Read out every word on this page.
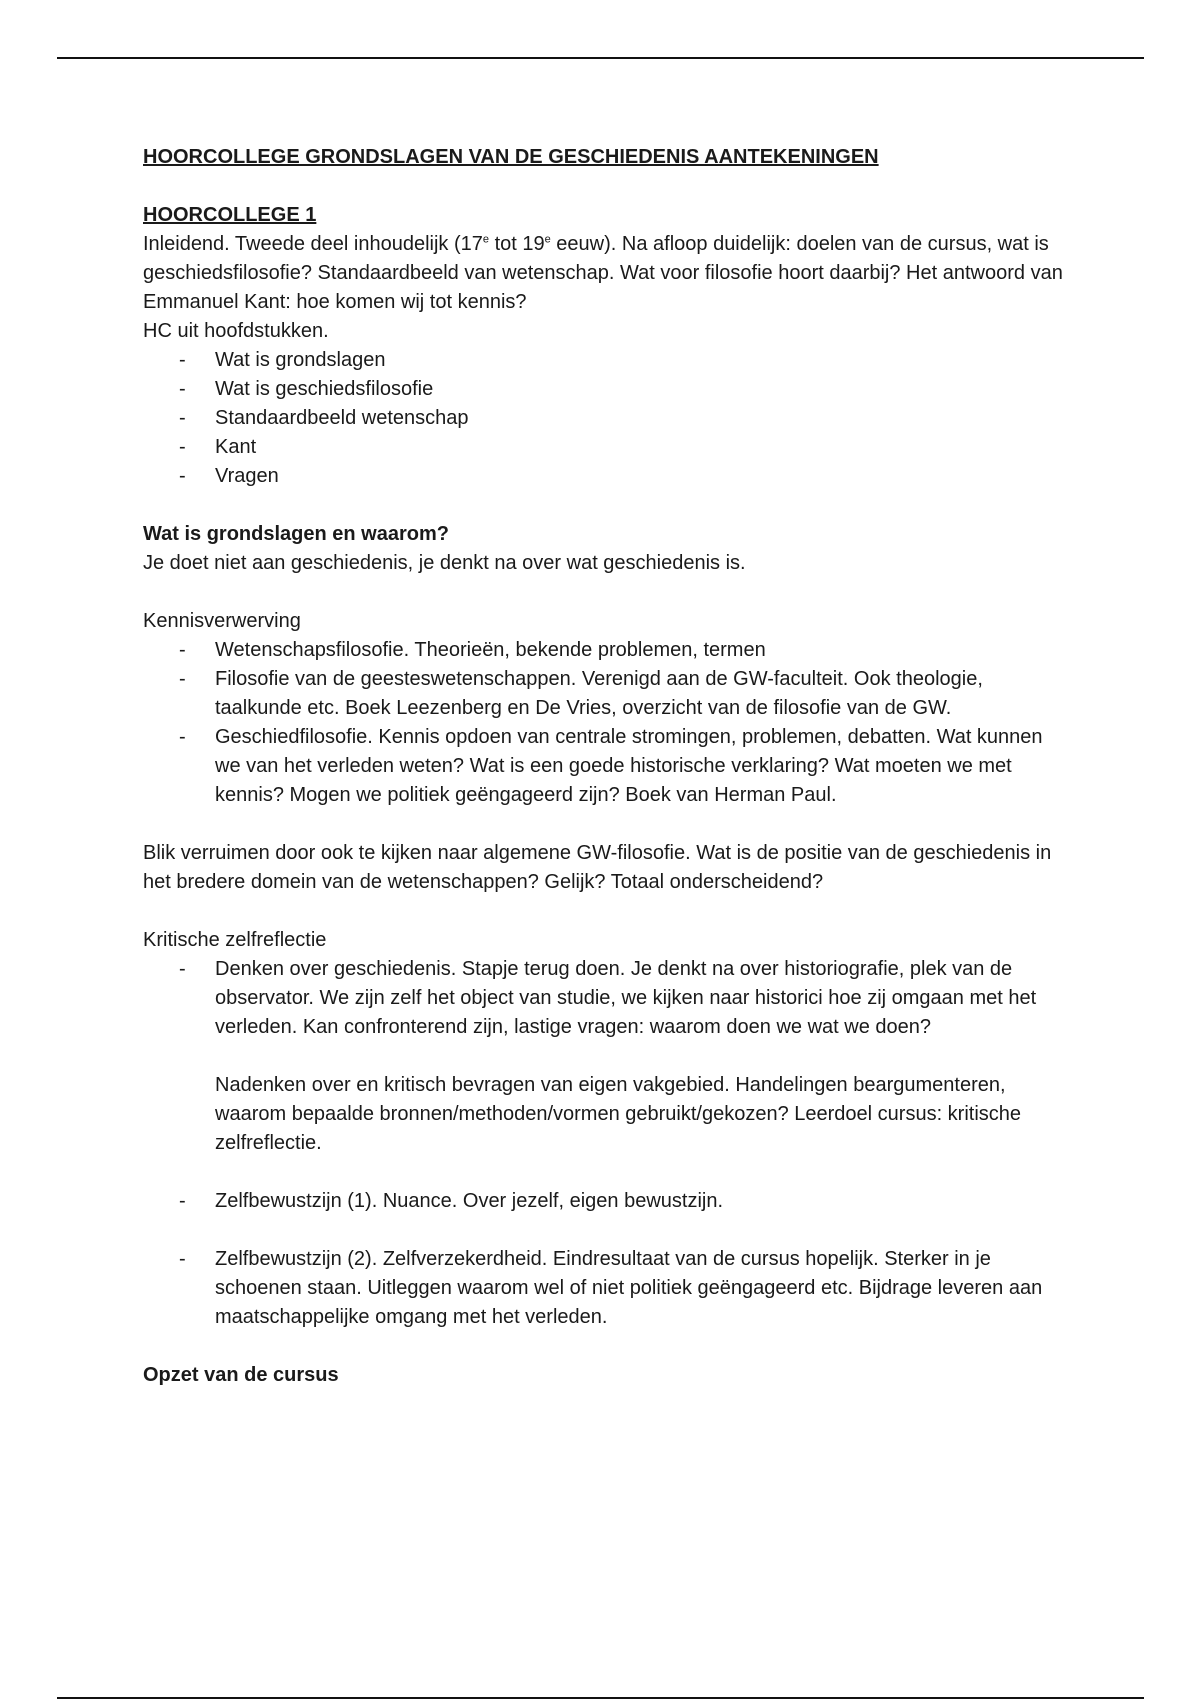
HOORCOLLEGE GRONDSLAGEN VAN DE GESCHIEDENIS AANTEKENINGEN

HOORCOLLEGE 1

Inleidend. Tweede deel inhoudelijk (17e tot 19e eeuw). Na afloop duidelijk: doelen van de cursus, wat is geschiedsfilosofie? Standaardbeeld van wetenschap. Wat voor filosofie hoort daarbij? Het antwoord van Emmanuel Kant: hoe komen wij tot kennis?

HC uit hoofdstukken.

- Wat is grondslagen
- Wat is geschiedsfilosofie
- Standaardbeeld wetenschap
- Kant
- Vragen

Wat is grondslagen en waarom?

Je doet niet aan geschiedenis, je denkt na over wat geschiedenis is.

Kennisverwerving

- Wetenschapsfilosofie. Theorieën, bekende problemen, termen
- Filosofie van de geesteswetenschappen. Verenigd aan de GW-faculteit. Ook theologie, taalkunde etc. Boek Leezenberg en De Vries, overzicht van de filosofie van de GW.
- Geschiedfilosofie. Kennis opdoen van centrale stromingen, problemen, debatten. Wat kunnen we van het verleden weten? Wat is een goede historische verklaring? Wat moeten we met kennis? Mogen we politiek geëngageerd zijn? Boek van Herman Paul.

Blik verruimen door ook te kijken naar algemene GW-filosofie. Wat is de positie van de geschiedenis in het bredere domein van de wetenschappen? Gelijk? Totaal onderscheidend?

Kritische zelfreflectie

- Denken over geschiedenis. Stapje terug doen. Je denkt na over historiografie, plek van de observator. We zijn zelf het object van studie, we kijken naar historici hoe zij omgaan met het verleden. Kan confronterend zijn, lastige vragen: waarom doen we wat we doen?
Nadenken over en kritisch bevragen van eigen vakgebied. Handelingen beargumenteren, waarom bepaalde bronnen/methoden/vormen gebruikt/gekozen? Leerdoel cursus: kritische zelfreflectie.
- Zelfbewustzijn (1). Nuance. Over jezelf, eigen bewustzijn.
- Zelfbewustzijn (2). Zelfverzekerdheid. Eindresultaat van de cursus hopelijk. Sterker in je schoenen staan. Uitleggen waarom wel of niet politiek geëngageerd etc. Bijdrage leveren aan maatschappelijke omgang met het verleden.

Opzet van de cursus
